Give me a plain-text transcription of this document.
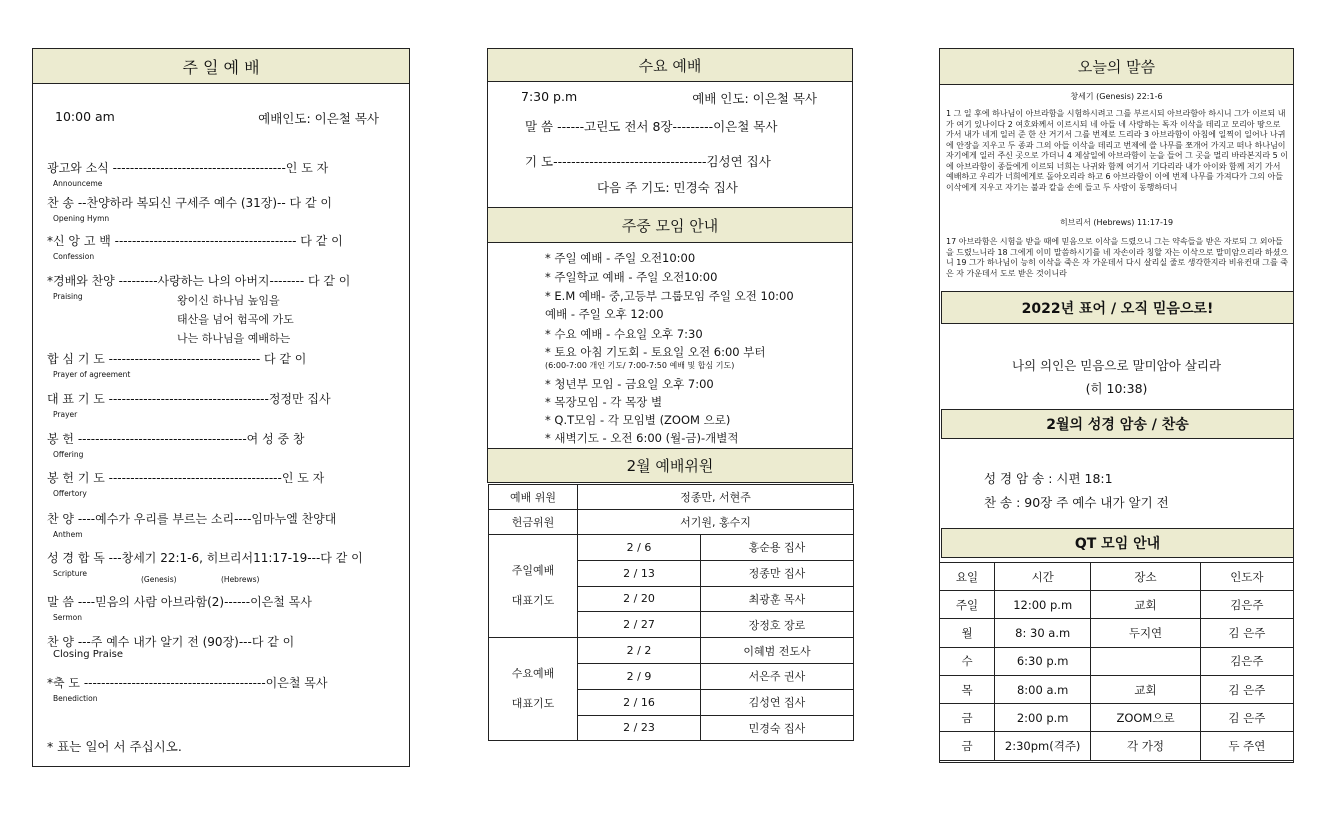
주 일 예 배
10:00 am	예배인도: 이은철 목사
광고와 소식 ----------------------------------------인 도 자
Announceme
찬 송 --찬양하라 복되신 구세주 예수 (31장)-- 다 같 이
Opening Hymn
*신 앙 고 백 ------------------------------------------ 다 같 이
Confession
*경배와 찬양 ---------사랑하는 나의 아버지-------- 다 같 이
Praising
합 심 기 도 ----------------------------------- 다 같 이
Prayer of agreement
대 표 기 도 -------------------------------------정정만 집사
Prayer
봉 헌 ---------------------------------------여 성 중 창
Offering
봉 헌 기 도 ----------------------------------------인 도 자
Offertory
찬 양 ----예수가 우리를 부르는 소리----임마누엘 찬양대
Anthem
성 경 합 독 ---창세기 22:1-6, 히브리서11:17-19---다 같 이
Scripture
말 씀 ----믿음의 사람 아브라함(2)------이은철 목사
Sermon
찬 양 ---주 예수 내가 알기 전 (90장)---다 같 이
Closing Praise
*축 도 ------------------------------------------이은철 목사
Benediction
왕이신 하나님 높임을
태산을 넘어 험곡에 가도
나는 하나님을 예배하는
(Genesis)	(Hebrews)
* 표는 일어 서 주십시오.
수요 예배
7:30 p.m	예배 인도: 이은철 목사
말 씀 ------고린도 전서 8장---------이은철 목사
기 도----------------------------------김성연 집사
다음 주 기도: 민경숙 집사
주중 모임 안내
* 주일 예배 - 주일 오전10:00
* 주일학교 예배 - 주일 오전10:00
* E.M 예배- 중,고등부 그룹모임 주일 오전 10:00
예배 - 주일 오후 12:00
* 수요 예배 - 수요일 오후 7:30
* 토요 아침 기도회 - 토요일 오전 6:00 부터
(6:00-7:00 개인 기도/ 7:00-7:50 예배 및 합심 기도)
* 청년부 모임 - 금요일 오후 7:00
* 목장모임 - 각 목장 별
* Q.T모임 - 각 모임별 (ZOOM 으로)
* 새벽기도 - 오전 6:00 (월-금)-개별적
2월 예배위원
예배 위원	정종만, 서현주	
헌금위원	서기원, 홍수지	

주일예배
대표기도	2 / 6	홍순용 집사
	2 / 13	정종만 집사
	2 / 20	최광훈 목사
	2 / 27	장정호 장로

수요예배
대표기도	2 / 2	이혜범 전도사
	2 / 9	서은주 권사
	2 / 16	김성연 집사
	2 / 23	민경숙 집사
오늘의 말씀
창세기 (Genesis) 22:1-6
1 그 일 후에 하나님이 아브라함을 시험하시려고 그를 부르시되 아브라함아 하시니 그가 이르되 내가 여기 있나이다 2 여호와께서 이르시되 네 아들 네 사랑하는 독자 이삭을 데리고 모리아 땅으로 가서 내가 네게 일러 준 한 산 거기서 그를 번제로 드리라 3 아브라함이 아침에 일찍이 일어나 나귀에 안장을 지우고 두 종과 그의 아들 이삭을 데리고 번제에 쓸 나무를 쪼개어 가지고 떠나 하나님이 자기에게 일러 주신 곳으로 가더니 4 제삼일에 아브라함이 눈을 들어 그 곳을 멀리 바라본지라 5 이에 아브라함이 종들에게 이르되 너희는 나귀와 함께 여기서 기다리라 내가 아이와 함께 저기 가서 예배하고 우리가 너희에게로 돌아오리라 하고 6 아브라함이 이에 번제 나무를 가져다가 그의 아들 이삭에게 지우고 자기는 불과 칼을 손에 들고 두 사람이 동행하더니
히브리서 (Hebrews) 11:17-19
17 아브라함은 시험을 받을 때에 믿음으로 이삭을 드렸으니 그는 약속들을 받은 자로되 그 외아들을 드렸느니라 18 그에게 이미 말씀하시기를 네 자손이라 칭할 자는 이삭으로 말미암으리라 하셨으니 19 그가 하나님이 능히 이삭을 죽은 자 가운데서 다시 살리실 줄로 생각한지라 비유컨대 그를 죽은 자 가운데서 도로 받은 것이니라
2022년 표어 / 오직 믿음으로!
나의 의인은 믿음으로 말미암아 살리라
(히 10:38)
2월의 성경 암송 / 찬송
성 경 암 송 : 시편 18:1
찬 송 : 90장 주 예수 내가 알기 전
QT 모임 안내
요일	시간	장소	인도자
주일	12:00 p.m	교회	김은주
월	8: 30 a.m	두지연	김 은주
수	6:30 p.m		김은주
목	8:00 a.m	교회	김 은주
금	2:00 p.m	ZOOM으로	김 은주
금	2:30pm(격주)	각 가정	두 주연
